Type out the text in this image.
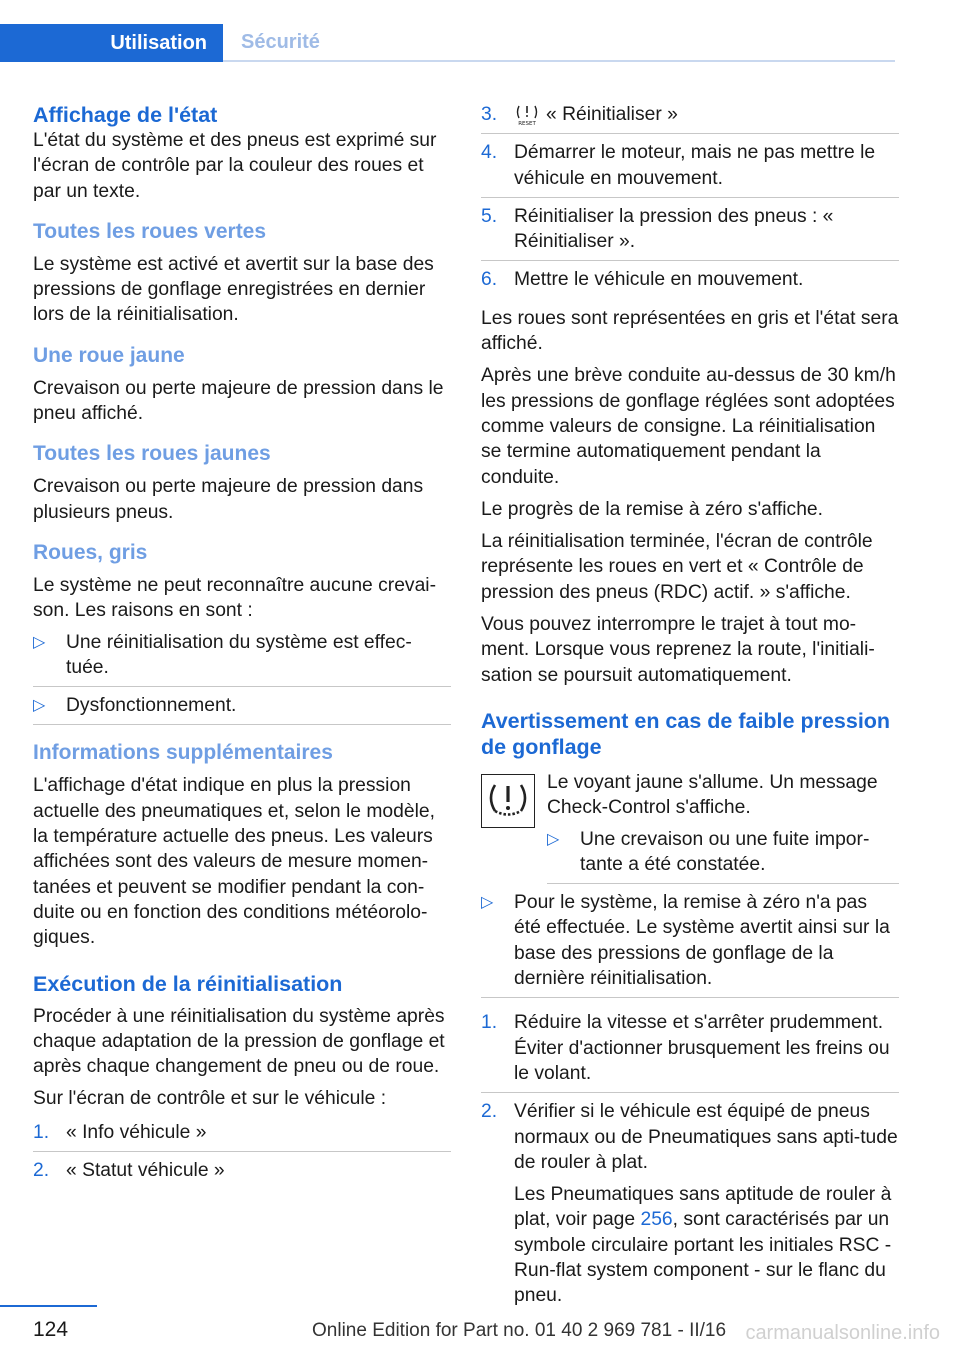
Utilisation	Sécurité
Affichage de l'état

L'état du système et des pneus est exprimé sur l'écran de contrôle par la couleur des roues et par un texte.

Toutes les roues vertes

Le système est activé et avertit sur la base des pressions de gonflage enregistrées en dernier lors de la réinitialisation.

Une roue jaune

Crevaison ou perte majeure de pression dans le pneu affiché.

Toutes les roues jaunes

Crevaison ou perte majeure de pression dans plusieurs pneus.

Roues, gris

Le système ne peut reconnaître aucune crevai-son. Les raisons en sont :

▷ Une réinitialisation du système est effec-tuée.
▷ Dysfonctionnement.
Informations supplémentaires

L'affichage d'état indique en plus la pression actuelle des pneumatiques et, selon le modèle, la température actuelle des pneus. Les valeurs affichées sont des valeurs de mesure momen-tanées et peuvent se modifier pendant la con-duite ou en fonction des conditions météorolo-giques.

Exécution de la réinitialisation

Procéder à une réinitialisation du système après chaque adaptation de la pression de gonflage et après chaque changement de pneu ou de roue.

Sur l'écran de contrôle et sur le véhicule :

1. « Info véhicule »
2. « Statut véhicule »
3.	RESET « Réinitialiser »
4. Démarrer le moteur, mais ne pas mettre le véhicule en mouvement.
5. Réinitialiser la pression des pneus : « Réinitialiser ».
6. Mettre le véhicule en mouvement.

Les roues sont représentées en gris et l'état sera affiché.

Après une brève conduite au-dessus de 30 km/h les pressions de gonflage réglées sont adoptées comme valeurs de consigne. La réinitialisation se termine automatiquement pendant la conduite.

Le progrès de la remise à zéro s'affiche.

La réinitialisation terminée, l'écran de contrôle représente les roues en vert et « Contrôle de pression des pneus (RDC) actif. » s'affiche.

Vous pouvez interrompre le trajet à tout mo-ment. Lorsque vous reprenez la route, l'initiali-sation se poursuit automatiquement.

Avertissement en cas de faible pression de gonflage

Le voyant jaune s'allume. Un message Check-Control s'affiche.

▷ Une crevaison ou une fuite impor-tante a été constatée.
▷ Pour le système, la remise à zéro n'a pas été effectuée. Le système avertit ainsi sur la base des pressions de gonflage de la dernière réinitialisation.
1. Réduire la vitesse et s'arrêter prudemment. Éviter d'actionner brusquement les freins ou le volant.
2. Vérifier si le véhicule est équipé de pneus normaux ou de Pneumatiques sans apti-tude de rouler à plat.

Les Pneumatiques sans aptitude de rouler à plat, voir page 256, sont caractérisés par un symbole circulaire portant les initiales RSC - Run-flat system component - sur le flanc du pneu.

124	Online Edition for Part no. 01 40 2 969 781 - II/16 carmanualsonline.info
